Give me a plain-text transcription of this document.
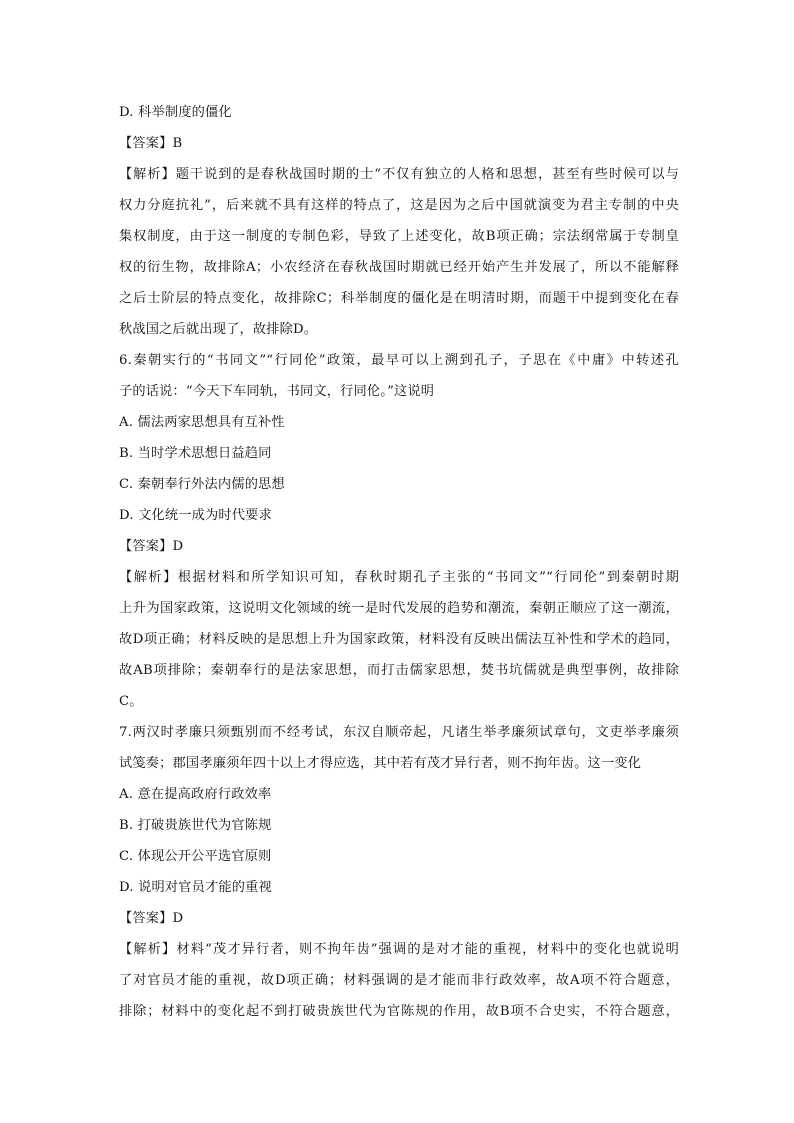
D. 科举制度的僵化
【答案】B
【解析】题干说到的是春秋战国时期的士“不仅有独立的人格和思想，甚至有些时候可以与
权力分庭抗礼”，后来就不具有这样的特点了，这是因为之后中国就演变为君主专制的中央
集权制度，由于这一制度的专制色彩，导致了上述变化，故B项正确；宗法纲常属于专制皇
权的衍生物，故排除A；小农经济在春秋战国时期就已经开始产生并发展了，所以不能解释
之后士阶层的特点变化，故排除C；科举制度的僵化是在明清时期，而题干中提到变化在春
秋战国之后就出现了，故排除D。
6.秦朝实行的“书同文”“行同伦”政策，最早可以上溯到孔子，子思在《中庸》中转述孔
子的话说：“今天下车同轨，书同文，行同伦。”这说明
A. 儒法两家思想具有互补性
B. 当时学术思想日益趋同
C. 秦朝奉行外法内儒的思想
D. 文化统一成为时代要求
【答案】D
【解析】根据材料和所学知识可知，春秋时期孔子主张的“书同文”“行同伦”到秦朝时期
上升为国家政策，这说明文化领域的统一是时代发展的趋势和潮流，秦朝正顺应了这一潮流，
故D项正确；材料反映的是思想上升为国家政策，材料没有反映出儒法互补性和学术的趋同，
故AB项排除；秦朝奉行的是法家思想，而打击儒家思想，焚书坑儒就是典型事例，故排除
C。
7.两汉时孝廉只须甄别而不经考试，东汉自顺帝起，凡诸生举孝廉须试章句，文吏举孝廉须
试笺奏；郡国孝廉须年四十以上才得应选，其中若有茂才异行者，则不拘年齿。这一变化
A. 意在提高政府行政效率
B. 打破贵族世代为官陈规
C. 体现公开公平选官原则
D. 说明对官员才能的重视
【答案】D
【解析】材料“茂才异行者，则不拘年齿”强调的是对才能的重视，材料中的变化也就说明
了对官员才能的重视，故D项正确；材料强调的是才能而非行政效率，故A项不符合题意，
排除；材料中的变化起不到打破贵族世代为官陈规的作用，故B项不合史实，不符合题意，
